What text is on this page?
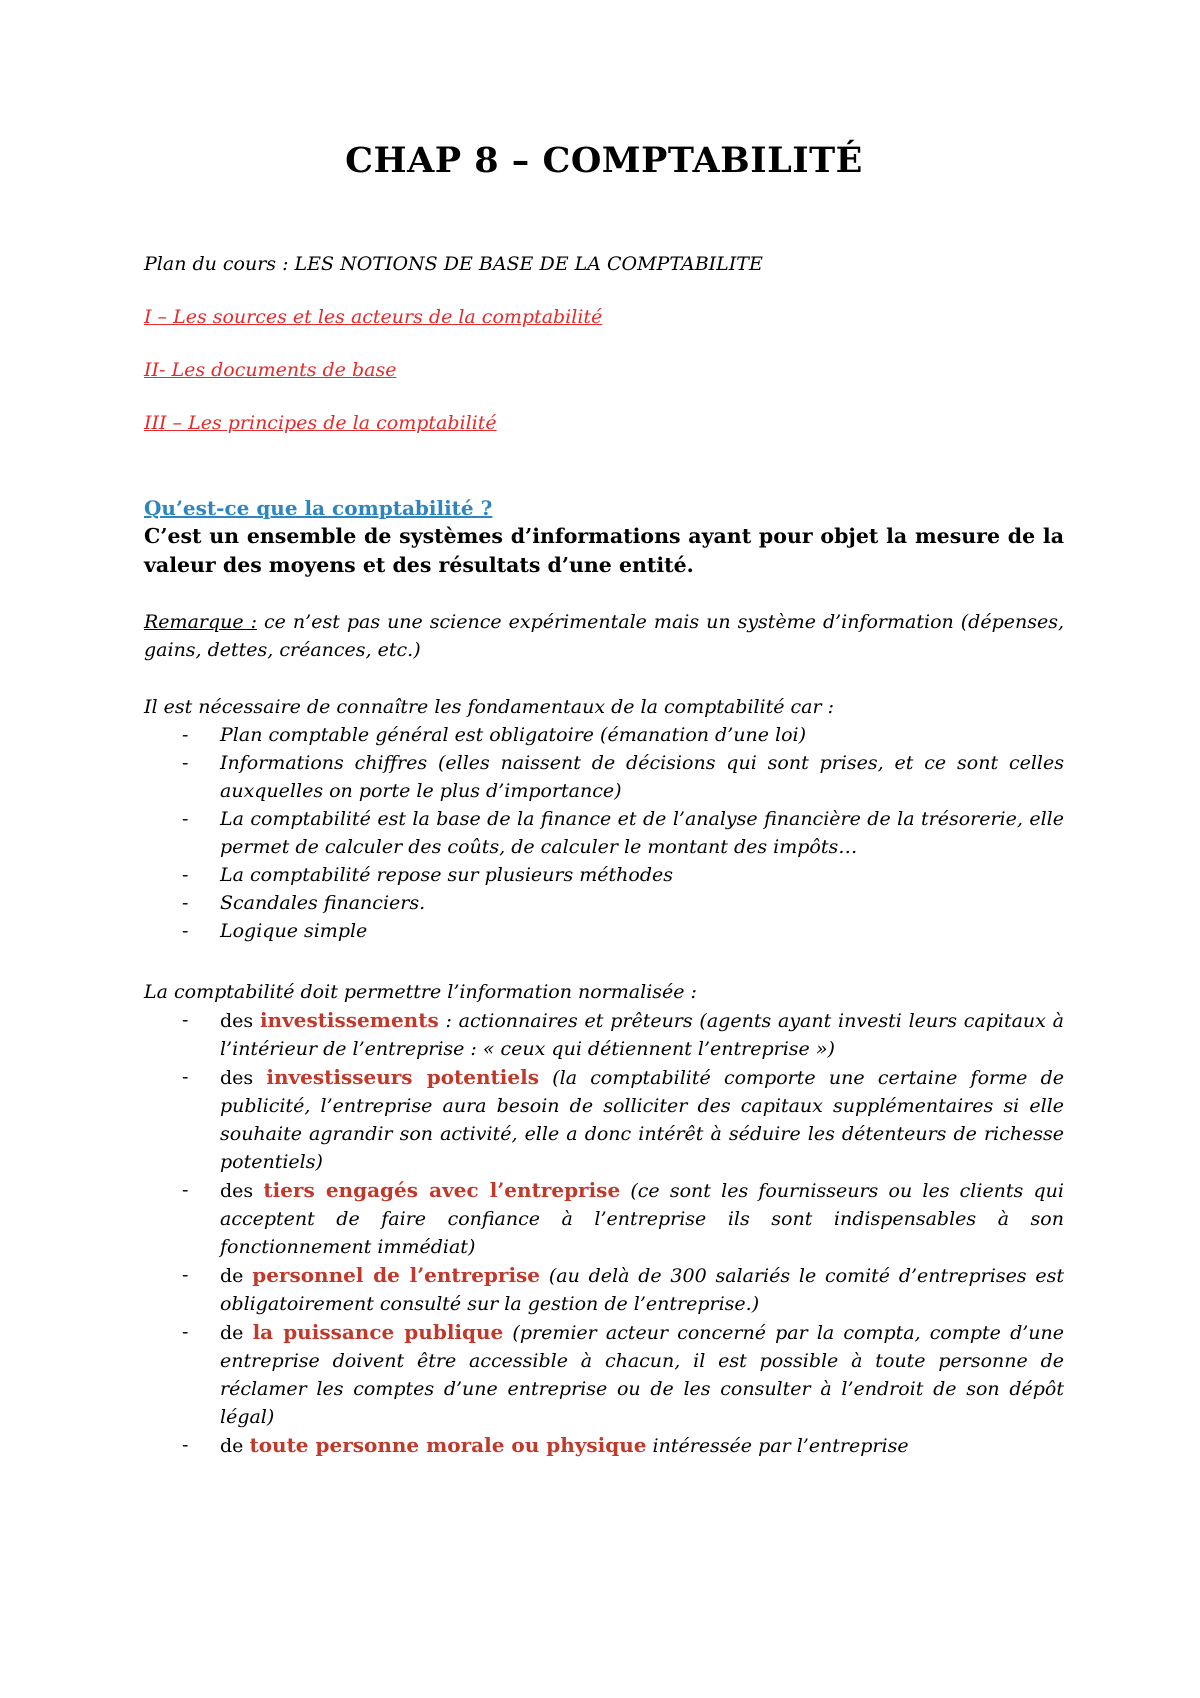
CHAP 8 – COMPTABILITÉ
Plan du cours : LES NOTIONS DE BASE DE LA COMPTABILITE
I – Les sources et les acteurs de la comptabilité
II- Les documents de base
III – Les principes de la comptabilité
Qu’est-ce que la comptabilité ?
C’est un ensemble de systèmes d’informations ayant pour objet la mesure de la valeur des moyens et des résultats d’une entité.
Remarque : ce n’est pas une science expérimentale mais un système d’information (dépenses, gains, dettes, créances, etc.)
Il est nécessaire de connaître les fondamentaux de la comptabilité car :
- Plan comptable général est obligatoire (émanation d’une loi)
- Informations chiffres (elles naissent de décisions qui sont prises, et ce sont celles auxquelles on porte le plus d’importance)
- La comptabilité est la base de la finance et de l’analyse financière de la trésorerie, elle permet de calculer des coûts, de calculer le montant des impôts…
- La comptabilité repose sur plusieurs méthodes
- Scandales financiers.
- Logique simple
La comptabilité doit permettre l’information normalisée :
- des investissements : actionnaires et prêteurs (agents ayant investi leurs capitaux à l’intérieur de l’entreprise : « ceux qui détiennent l’entreprise »)
- des investisseurs potentiels (la comptabilité comporte une certaine forme de publicité, l’entreprise aura besoin de solliciter des capitaux supplémentaires si elle souhaite agrandir son activité, elle a donc intérêt à séduire les détenteurs de richesse potentiels)
- des tiers engagés avec l’entreprise (ce sont les fournisseurs ou les clients qui acceptent de faire confiance à l’entreprise ils sont indispensables à son fonctionnement immédiat)
- de personnel de l’entreprise (au delà de 300 salariés le comité d’entreprises est obligatoirement consulté sur la gestion de l’entreprise.)
- de la puissance publique (premier acteur concerné par la compta, compte d’une entreprise doivent être accessible à chacun, il est possible à toute personne de réclamer les comptes d’une entreprise ou de les consulter à l’endroit de son dépôt légal)
- de toute personne morale ou physique intéressée par l’entreprise
